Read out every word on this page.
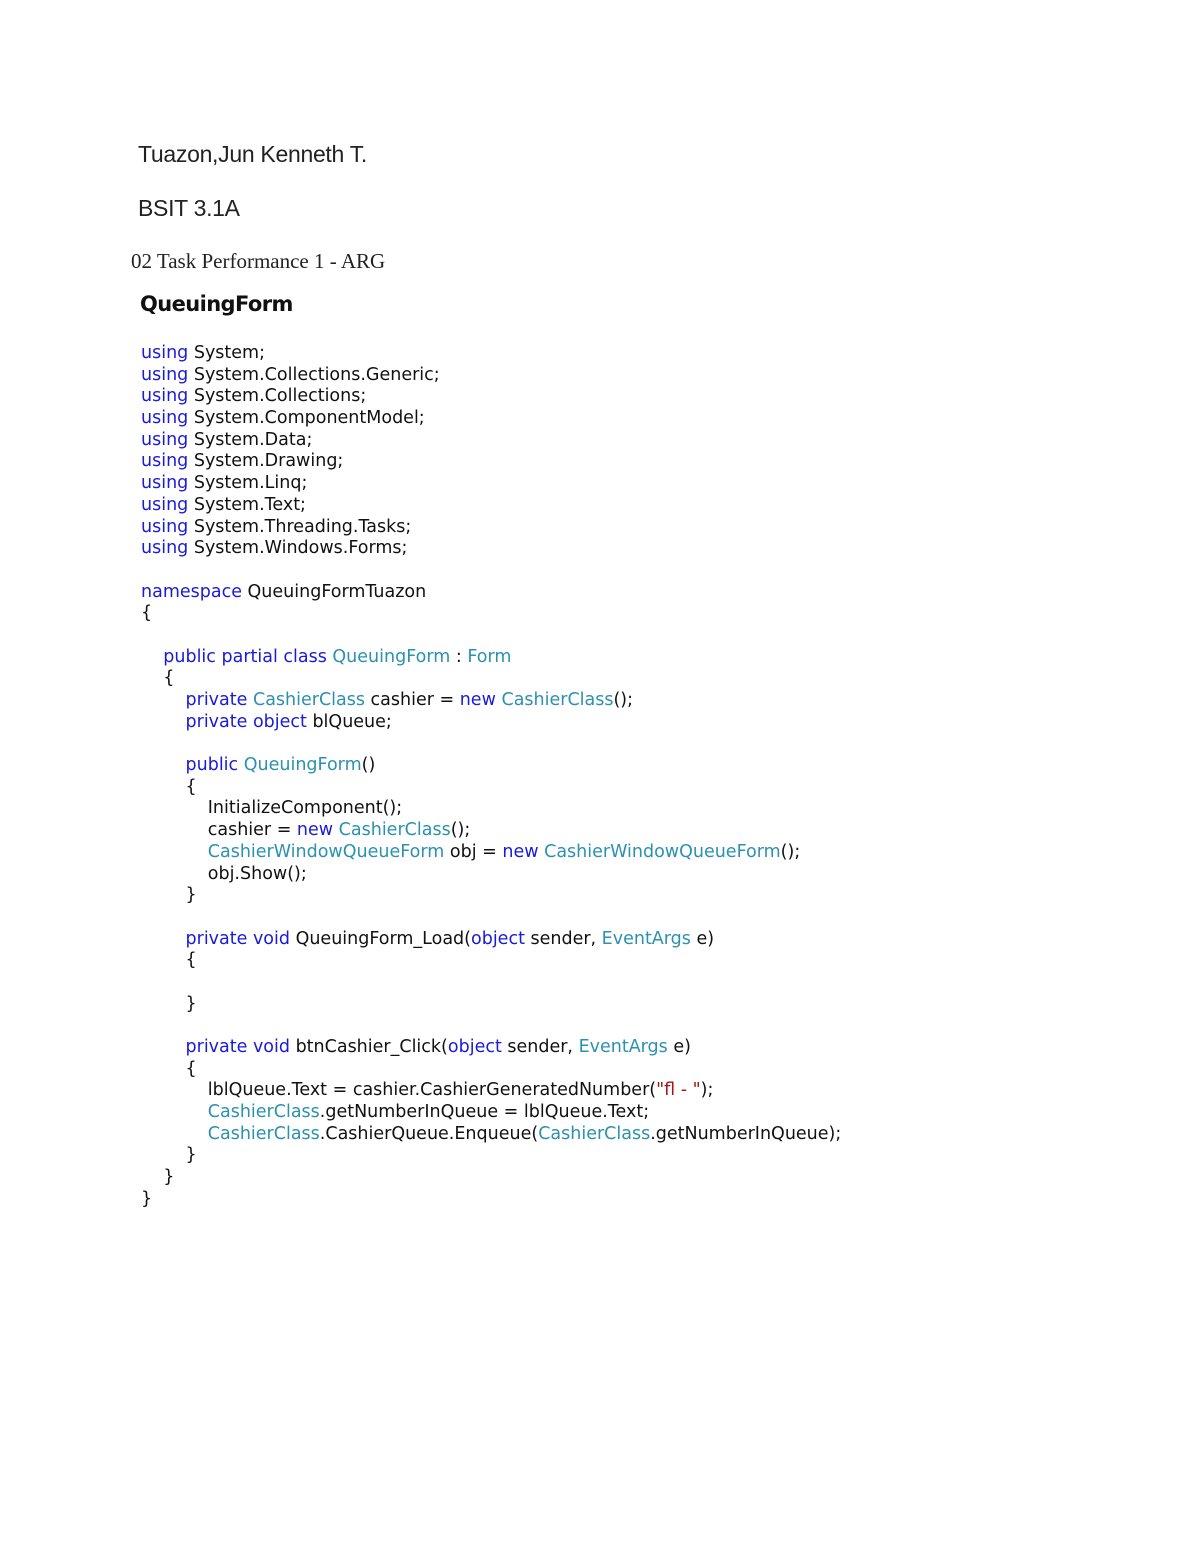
Tuazon,Jun Kenneth T.
BSIT 3.1A
02 Task Performance 1 - ARG
QueuingForm
using System;
using System.Collections.Generic;
using System.Collections;
using System.ComponentModel;
using System.Data;
using System.Drawing;
using System.Linq;
using System.Text;
using System.Threading.Tasks;
using System.Windows.Forms;

namespace QueuingFormTuazon
{

public partial class QueuingForm : Form
{
private CashierClass cashier = new CashierClass();
private object blQueue;

public QueuingForm()
{
InitializeComponent();
cashier = new CashierClass();
CashierWindowQueueForm obj = new CashierWindowQueueForm();
obj.Show();
}

private void QueuingForm_Load(object sender, EventArgs e)
{

}

private void btnCashier_Click(object sender, EventArgs e)
{
lblQueue.Text = cashier.CashierGeneratedNumber("fl - ");
CashierClass.getNumberInQueue = lblQueue.Text;
CashierClass.CashierQueue.Enqueue(CashierClass.getNumberInQueue);
}
}
}
